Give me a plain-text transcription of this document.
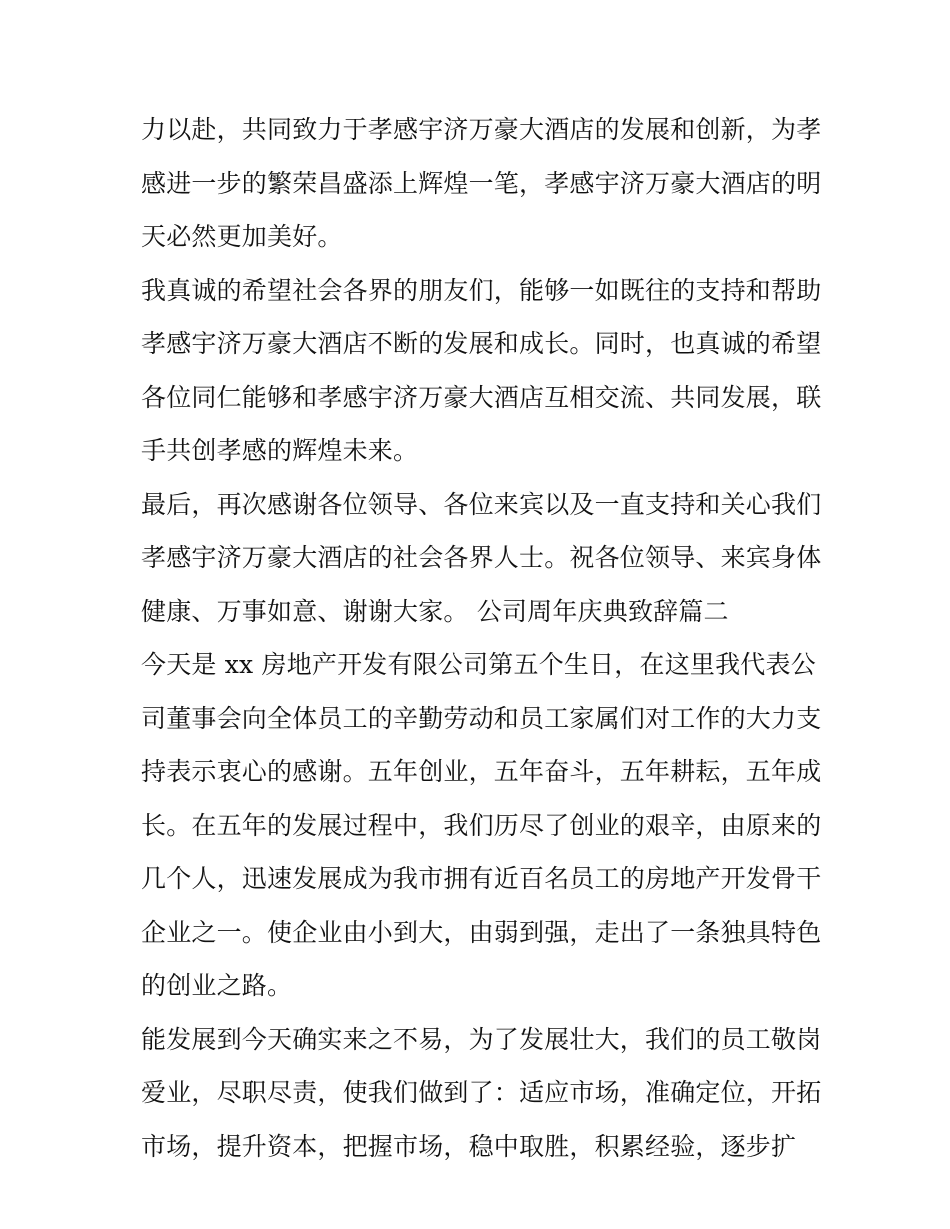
力以赴，共同致力于孝感宇济万豪大酒店的发展和创新，为孝
感进一步的繁荣昌盛添上辉煌一笔，孝感宇济万豪大酒店的明
天必然更加美好。
我真诚的希望社会各界的朋友们，能够一如既往的支持和帮助
孝感宇济万豪大酒店不断的发展和成长。同时，也真诚的希望
各位同仁能够和孝感宇济万豪大酒店互相交流、共同发展，联
手共创孝感的辉煌未来。
最后，再次感谢各位领导、各位来宾以及一直支持和关心我们
孝感宇济万豪大酒店的社会各界人士。祝各位领导、来宾身体
健康、万事如意、谢谢大家。 公司周年庆典致辞篇二
今天是 xx 房地产开发有限公司第五个生日，在这里我代表公
司董事会向全体员工的辛勤劳动和员工家属们对工作的大力支
持表示衷心的感谢。五年创业，五年奋斗，五年耕耘，五年成
长。在五年的发展过程中，我们历尽了创业的艰辛，由原来的
几个人，迅速发展成为我市拥有近百名员工的房地产开发骨干
企业之一。使企业由小到大，由弱到强，走出了一条独具特色
的创业之路。
能发展到今天确实来之不易，为了发展壮大，我们的员工敬岗
爱业，尽职尽责，使我们做到了：适应市场，准确定位，开拓
市场，提升资本，把握市场，稳中取胜，积累经验，逐步扩
